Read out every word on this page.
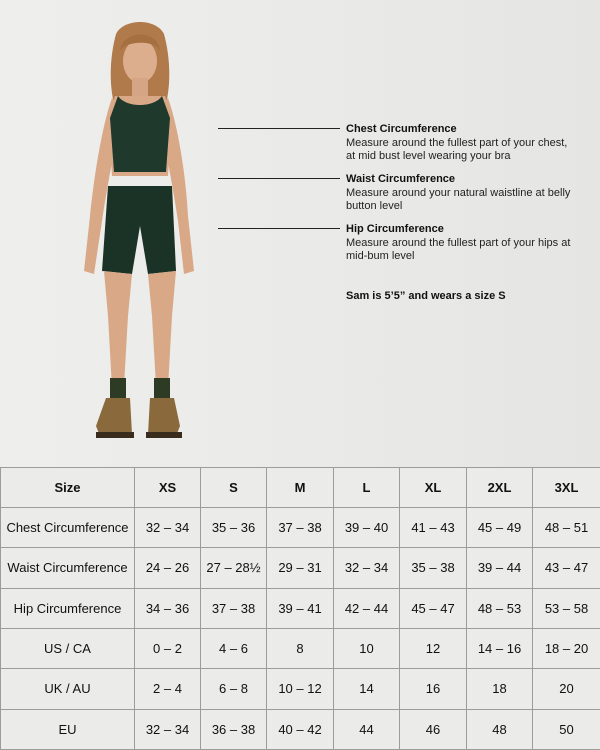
Chest Circumference
Measure around the fullest part of your chest, at mid bust level wearing your bra
Waist Circumference
Measure around your natural waistline at belly button level
Hip Circumference
Measure around the fullest part of your hips at mid-bum level
Sam is 5’5” and wears a size S
Size	XS	S	M	L	XL	2XL	3XL
Chest Circumference	32 – 34	35 – 36	37 – 38	39 – 40	41 – 43	45 – 49	48 – 51
Waist Circumference	24 – 26	27 – 28½	29 – 31	32 – 34	35 – 38	39 – 44	43 – 47
Hip Circumference	34 – 36	37 – 38	39 – 41	42 – 44	45 – 47	48 – 53	53 – 58
US / CA	0 – 2	4 – 6	8	10	12	14 – 16	18 – 20
UK / AU	2 – 4	6 – 8	10 – 12	14	16	18	20
EU	32 – 34	36 – 38	40 – 42	44	46	48	50
